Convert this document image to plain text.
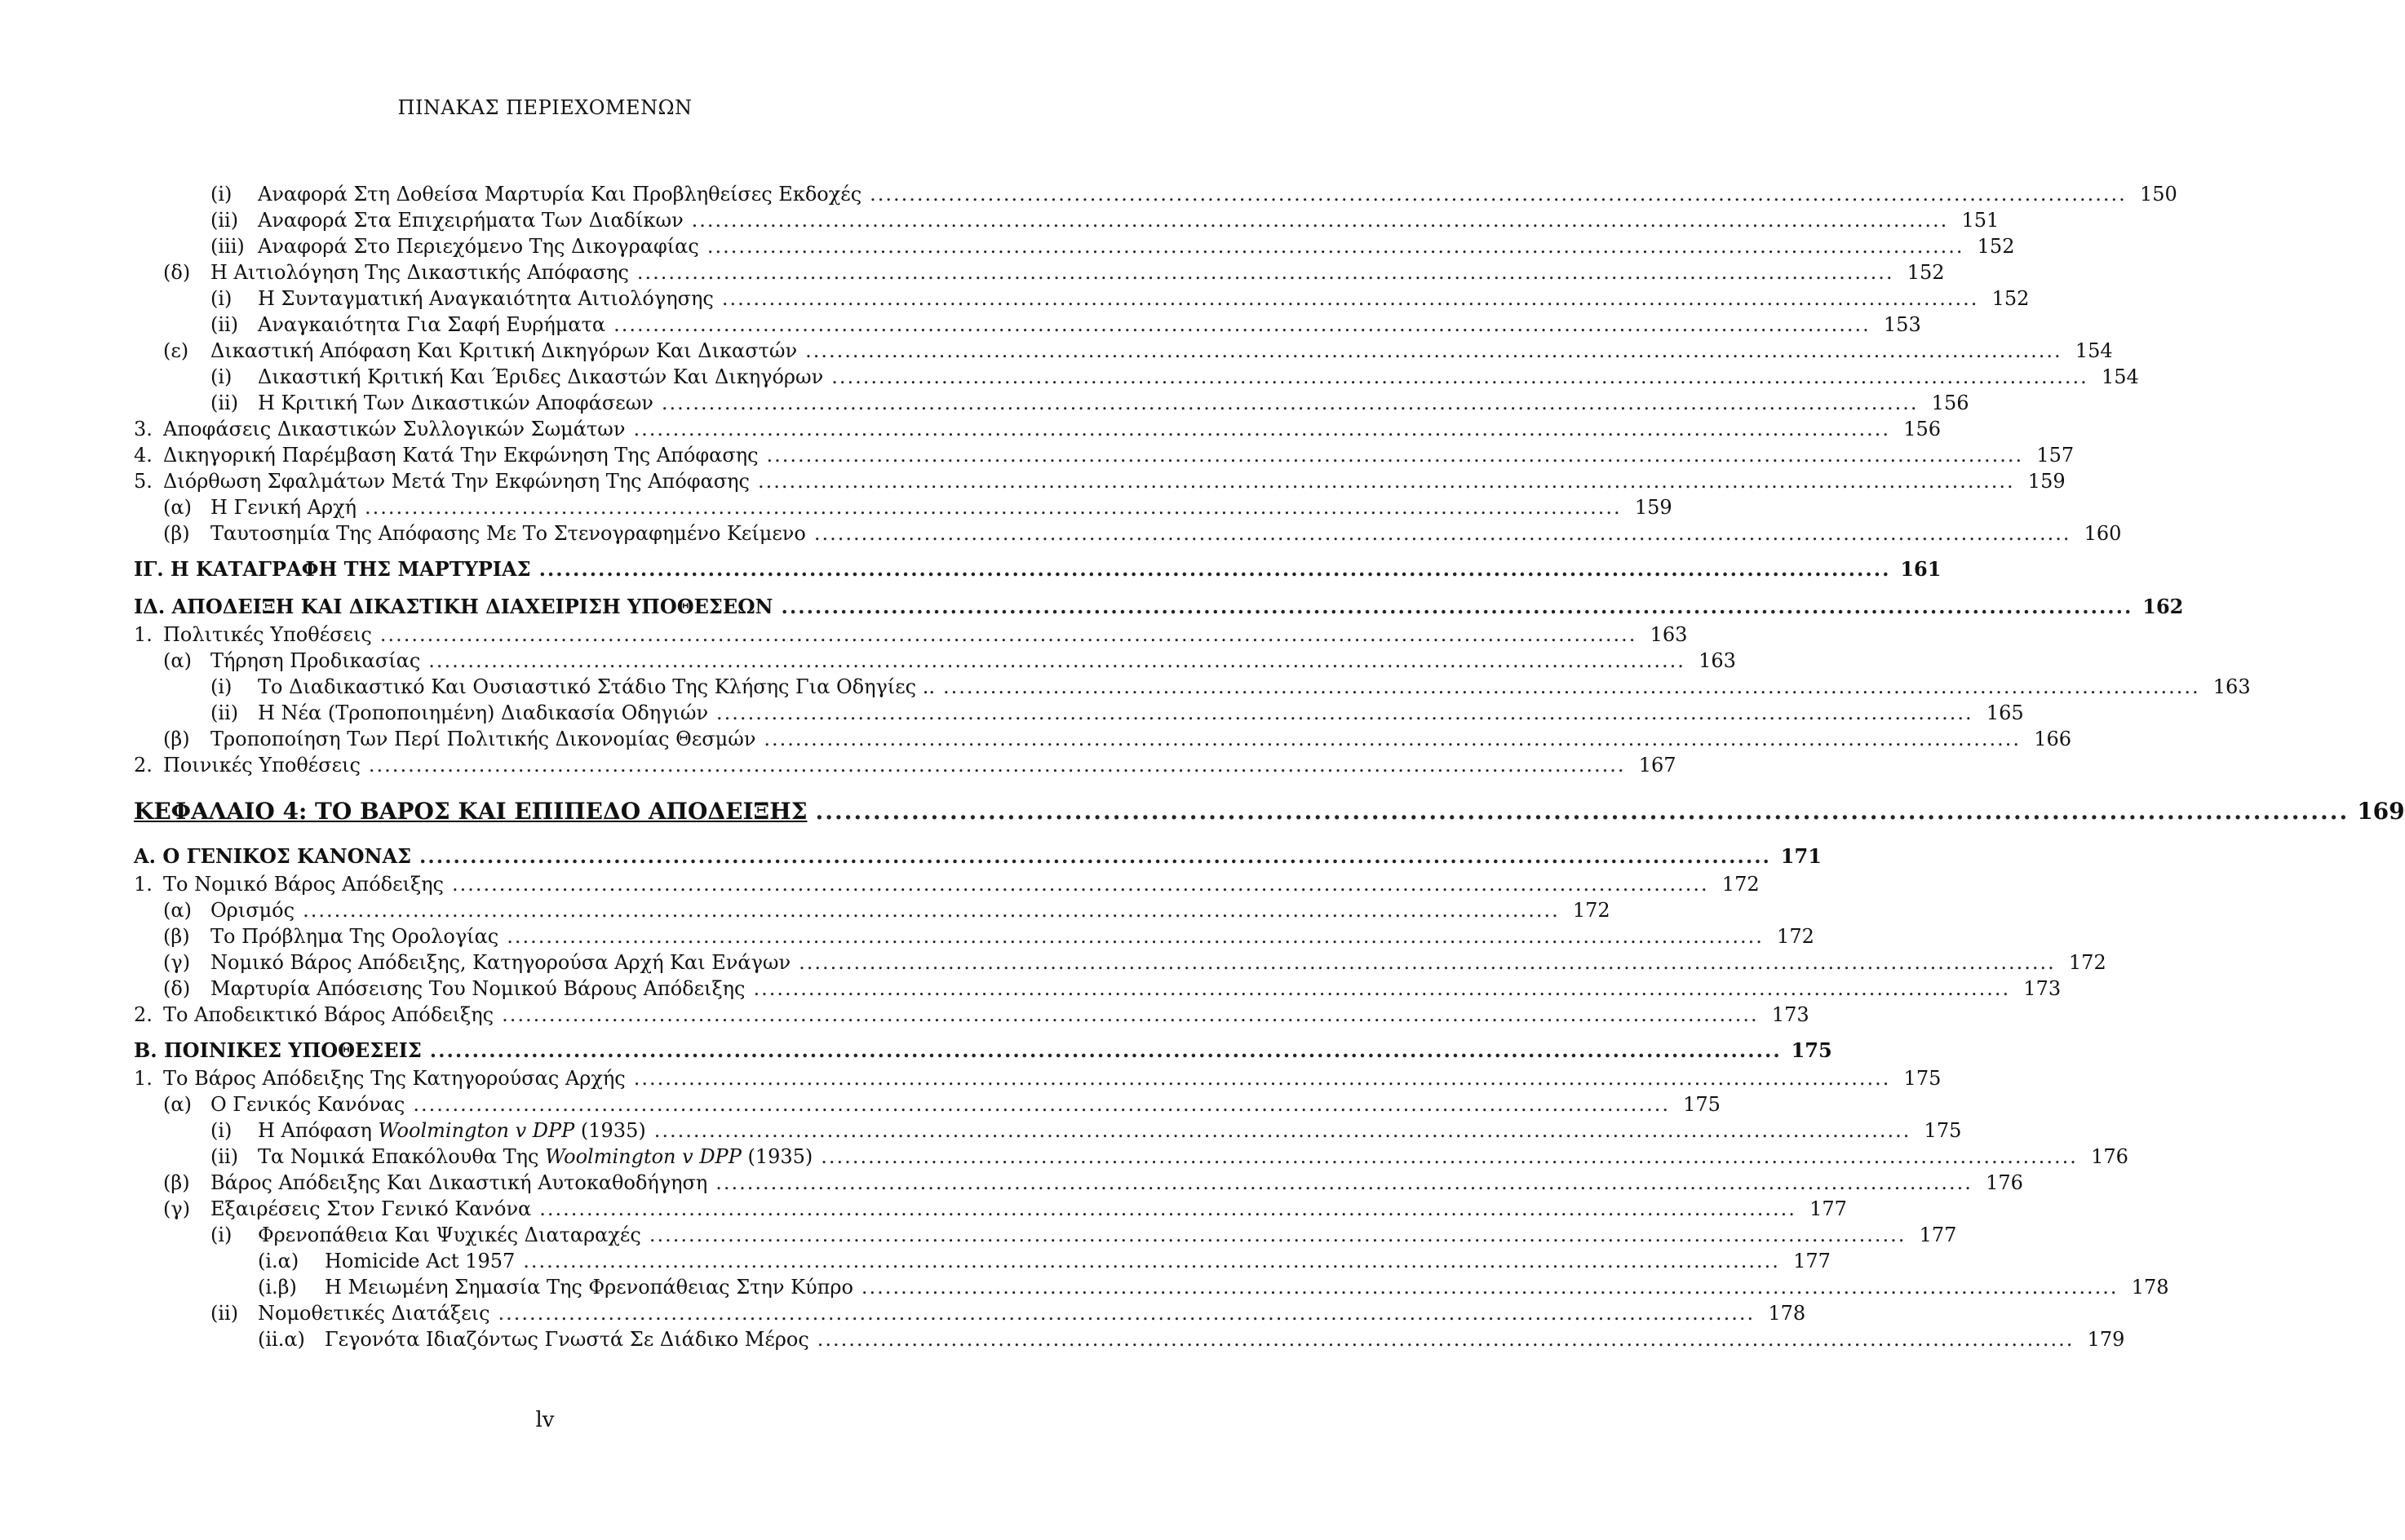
ΠΙΝΑΚΑΣ ΠΕΡΙΕΧΟΜΕΝΩΝ
(i)	Αναφορά Στη Δοθείσα Μαρτυρία Και Προβληθείσες Εκδοχές .....	150
(ii) Αναφορά Στα Επιχειρήματα Των Διαδίκων .....	151
(iii) Αναφορά Στο Περιεχόμενο Της Δικογραφίας .....	152
(δ)	Η Αιτιολόγηση Της Δικαστικής Απόφασης .....	152
(i)	Η Συνταγματική Αναγκαιότητα Αιτιολόγησης .....	152
(ii) Αναγκαιότητα Για Σαφή Ευρήματα .....	153
(ε)	Δικαστική Απόφαση Και Κριτική Δικηγόρων Και Δικαστών .....	154
(i)	Δικαστική Κριτική Και Έριδες Δικαστών Και Δικηγόρων .....	154
(ii) Η Κριτική Των Δικαστικών Αποφάσεων .....	156
3. Αποφάσεις Δικαστικών Συλλογικών Σωμάτων .....	156
4. Δικηγορική Παρέμβαση Κατά Την Εκφώνηση Της Απόφασης .....	157
5. Διόρθωση Σφαλμάτων Μετά Την Εκφώνηση Της Απόφασης .....	159
(α) Η Γενική Αρχή .....	159
(β)	Ταυτοσημία Της Απόφασης Με Το Στενογραφημένο Κείμενο .....	160
ΙΓ. Η ΚΑΤΑΓΡΑΦΗ ΤΗΣ ΜΑΡΤΥΡΙΑΣ .....	161
ΙΔ. ΑΠΟΔΕΙΞΗ ΚΑΙ ΔΙΚΑΣΤΙΚΗ ΔΙΑΧΕΙΡΙΣΗ ΥΠΟΘΕΣΕΩΝ .....	162
1. Πολιτικές Υποθέσεις .....	163
(α) Τήρηση Προδικασίας .....	163
(i)	Το Διαδικαστικό Και Ουσιαστικό Στάδιο Της Κλήσης Για Οδηγίες .. .....	163
(ii) Η Νέα (Τροποποιημένη) Διαδικασία Οδηγιών .....	165
(β)	Τροποποίηση Των Περί Πολιτικής Δικονομίας Θεσμών .....	166
2. Ποινικές Υποθέσεις .....	167
ΚΕΦΑΛΑΙΟ 4: ΤΟ ΒΑΡΟΣ ΚΑΙ ΕΠΙΠΕΔΟ ΑΠΟΔΕΙΞΗΣ .....	169
Α. Ο ΓΕΝΙΚΟΣ ΚΑΝΟΝΑΣ .....	171
1. Το Νομικό Βάρος Απόδειξης .....	172
(α) Ορισμός .....	172
(β)	Το Πρόβλημα Της Ορολογίας .....	172
(γ)	Νομικό Βάρος Απόδειξης, Κατηγορούσα Αρχή Και Ενάγων .....	172
(δ)	Μαρτυρία Απόσεισης Του Νομικού Βάρους Απόδειξης .....	173
2. Το Αποδεικτικό Βάρος Απόδειξης .....	173
Β. ΠΟΙΝΙΚΕΣ ΥΠΟΘΕΣΕΙΣ .....	175
1. Το Βάρος Απόδειξης Της Κατηγορούσας Αρχής .....	175
(α) Ο Γενικός Κανόνας .....	175
(i)	Η Απόφαση Woolmington v DPP (1935) .....	175
(ii) Τα Νομικά Επακόλουθα Της Woolmington v DPP (1935) .....	176
(β)	Βάρος Απόδειξης Και Δικαστική Αυτοκαθοδήγηση .....	176
(γ)	Εξαιρέσεις Στον Γενικό Κανόνα .....	177
(i)	Φρενοπάθεια Και Ψυχικές Διαταραχές .....	177
(i.α)	Homicide Act 1957 .....	177
(i.β)	Η Μειωμένη Σημασία Της Φρενοπάθειας Στην Κύπρο .....	178
(ii) Νομοθετικές Διατάξεις .....	178
(ii.α)	Γεγονότα Ιδιαζόντως Γνωστά Σε Διάδικο Μέρος .....	179
lv
